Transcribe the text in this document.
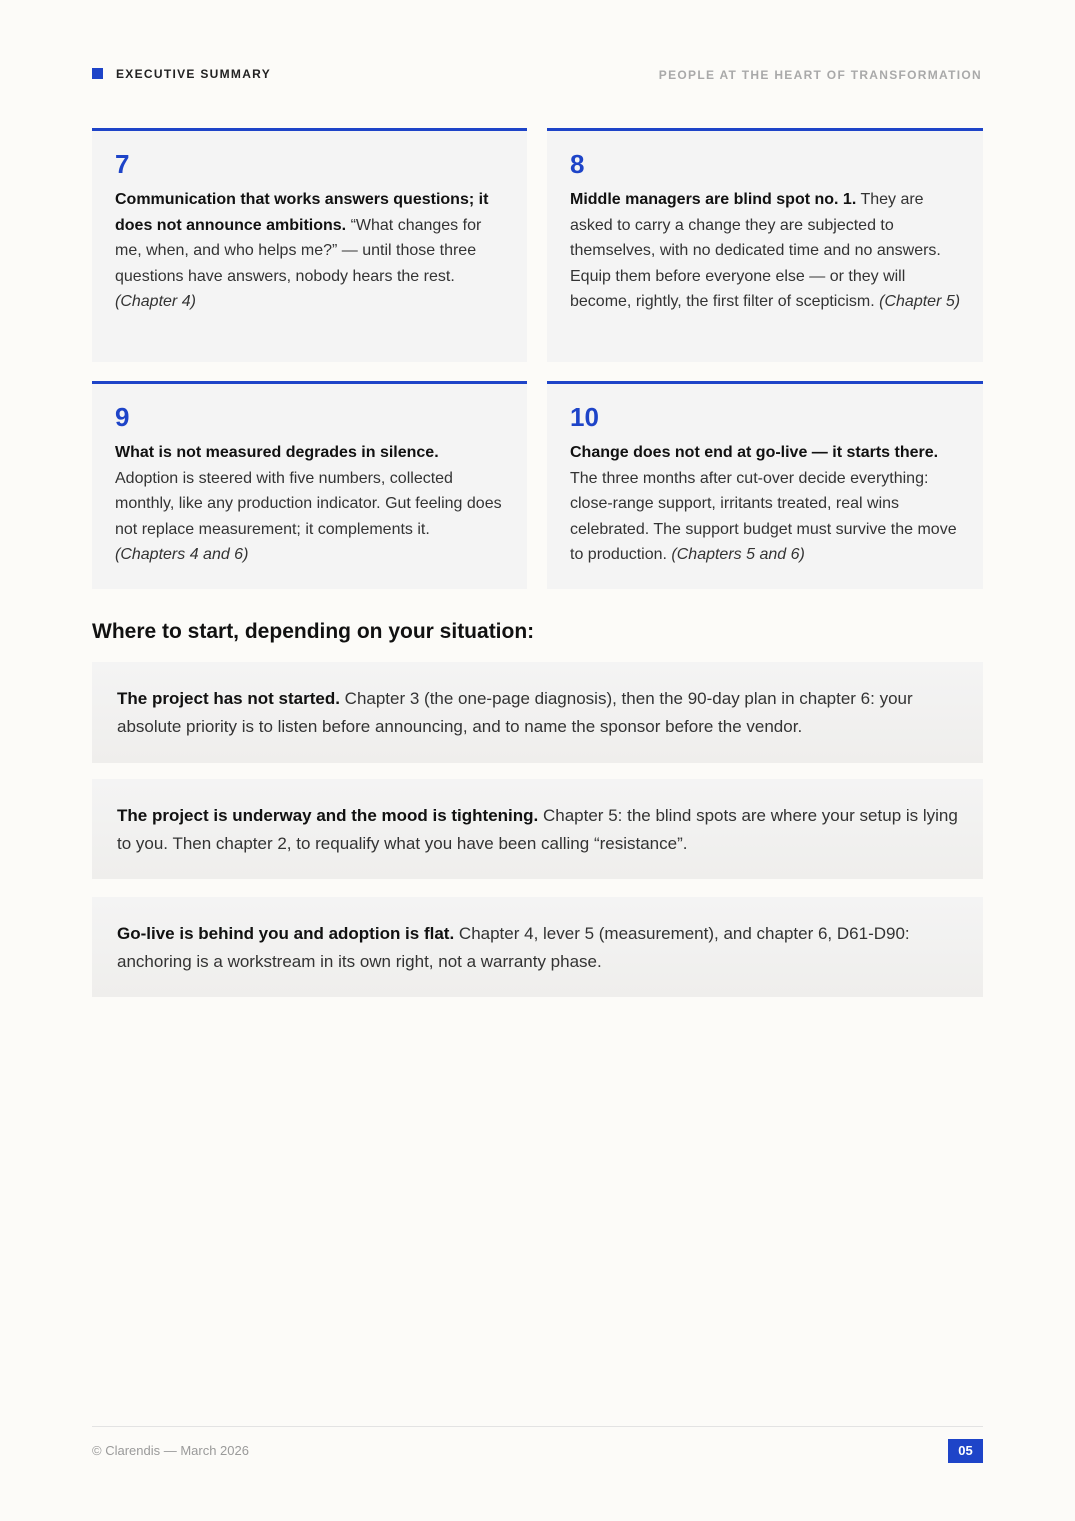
EXECUTIVE SUMMARY	PEOPLE AT THE HEART OF TRANSFORMATION
7
Communication that works answers questions; it does not announce ambitions. “What changes for me, when, and who helps me?” — until those three questions have answers, nobody hears the rest.
(Chapter 4)
8
Middle managers are blind spot no. 1. They are asked to carry a change they are subjected to themselves, with no dedicated time and no answers. Equip them before everyone else — or they will become, rightly, the first filter of scepticism. (Chapter 5)
9
What is not measured degrades in silence. Adoption is steered with five numbers, collected monthly, like any production indicator. Gut feeling does not replace measurement; it complements it.
(Chapters 4 and 6)
10
Change does not end at go-live — it starts there. The three months after cut-over decide everything: close-range support, irritants treated, real wins celebrated. The support budget must survive the move to production. (Chapters 5 and 6)
Where to start, depending on your situation:
The project has not started. Chapter 3 (the one-page diagnosis), then the 90-day plan in chapter 6: your absolute priority is to listen before announcing, and to name the sponsor before the vendor.
The project is underway and the mood is tightening. Chapter 5: the blind spots are where your setup is lying to you. Then chapter 2, to requalify what you have been calling “resistance”.
Go-live is behind you and adoption is flat. Chapter 4, lever 5 (measurement), and chapter 6, D61-D90: anchoring is a workstream in its own right, not a warranty phase.
© Clarendis — March 2026	05
